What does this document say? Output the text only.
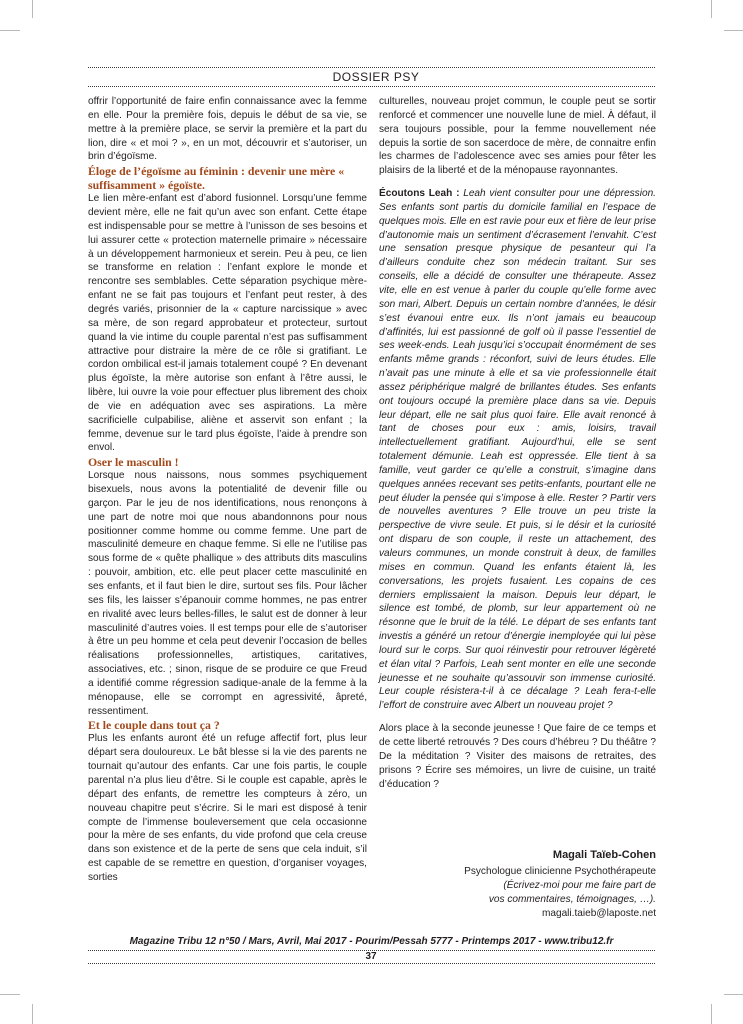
DOSSIER PSY

offrir l’opportunité de faire enfin connaissance avec la femme en elle. Pour la première fois, depuis le début de sa vie, se mettre à la première place, se servir la première et la part du lion, dire « et moi ? », en un mot, découvrir et s’autoriser, un brin d’égoïsme.

Éloge de l’égoïsme au féminin : devenir une mère « suffisamment » égoïste.

Le lien mère-enfant est d’abord fusionnel. Lorsqu’une femme devient mère, elle ne fait qu’un avec son enfant. Cette étape est indispensable pour se mettre à l’unisson de ses besoins et lui assurer cette « protection maternelle primaire » nécessaire à un développement harmonieux et serein. Peu à peu, ce lien se transforme en relation : l’enfant explore le monde et rencontre ses semblables. Cette séparation psychique mère-enfant ne se fait pas toujours et l’enfant peut rester, à des degrés variés, prisonnier de la « capture narcissique » avec sa mère, de son regard approbateur et protecteur, surtout quand la vie intime du couple parental n’est pas suffisamment attractive pour distraire la mère de ce rôle si gratifiant. Le cordon ombilical est-il jamais totalement coupé ? En devenant plus égoïste, la mère autorise son enfant à l’être aussi, le libère, lui ouvre la voie pour effectuer plus librement des choix de vie en adéquation avec ses aspirations. La mère sacrificielle culpabilise, aliène et asservit son enfant ; la femme, devenue sur le tard plus égoïste, l’aide à prendre son envol.

Oser le masculin !

Lorsque nous naissons, nous sommes psychiquement bisexuels, nous avons la potentialité de devenir fille ou garçon. Par le jeu de nos identifications, nous renonçons à une part de notre moi que nous abandonnons pour nous positionner comme homme ou comme femme. Une part de masculinité demeure en chaque femme. Si elle ne l’utilise pas sous forme de « quête phallique » des attributs dits masculins : pouvoir, ambition, etc. elle peut placer cette masculinité en ses enfants, et il faut bien le dire, surtout ses fils. Pour lâcher ses fils, les laisser s’épanouir comme hommes, ne pas entrer en rivalité avec leurs belles-filles, le salut est de donner à leur masculinité d’autres voies. Il est temps pour elle de s’autoriser à être un peu homme et cela peut devenir l’occasion de belles réalisations professionnelles, artistiques, caritatives, associatives, etc. ; sinon, risque de se produire ce que Freud a identifié comme régression sadique-anale de la femme à la ménopause, elle se corrompt en agressivité, âpreté, ressentiment.

Et le couple dans tout ça ?

Plus les enfants auront été un refuge affectif fort, plus leur départ sera douloureux. Le bât blesse si la vie des parents ne tournait qu’autour des enfants. Car une fois partis, le couple parental n’a plus lieu d’être. Si le couple est capable, après le départ des enfants, de remettre les compteurs à zéro, un nouveau chapitre peut s’écrire. Si le mari est disposé à tenir compte de l’immense bouleversement que cela occasionne pour la mère de ses enfants, du vide profond que cela creuse dans son existence et de la perte de sens que cela induit, s’il est capable de se remettre en question, d’organiser voyages, sorties

culturelles, nouveau projet commun, le couple peut se sortir renforcé et commencer une nouvelle lune de miel. À défaut, il sera toujours possible, pour la femme nouvellement née depuis la sortie de son sacerdoce de mère, de connaitre enfin les charmes de l’adolescence avec ses amies pour fêter les plaisirs de la liberté et de la ménopause rayonnantes.

Écoutons Leah : Leah vient consulter pour une dépression. Ses enfants sont partis du domicile familial en l’espace de quelques mois. Elle en est ravie pour eux et fière de leur prise d’autonomie mais un sentiment d’écrasement l’envahit. C’est une sensation presque physique de pesanteur qui l’a d’ailleurs conduite chez son médecin traitant. Sur ses conseils, elle a décidé de consulter une thérapeute. Assez vite, elle en est venue à parler du couple qu’elle forme avec son mari, Albert. Depuis un certain nombre d’années, le désir s’est évanoui entre eux. Ils n’ont jamais eu beaucoup d’affinités, lui est passionné de golf où il passe l’essentiel de ses week-ends. Leah jusqu’ici s’occupait énormément de ses enfants même grands : réconfort, suivi de leurs études. Elle n’avait pas une minute à elle et sa vie professionnelle était assez périphérique malgré de brillantes études. Ses enfants ont toujours occupé la première place dans sa vie. Depuis leur départ, elle ne sait plus quoi faire. Elle avait renoncé à tant de choses pour eux : amis, loisirs, travail intellectuellement gratifiant. Aujourd’hui, elle se sent totalement démunie. Leah est oppressée. Elle tient à sa famille, veut garder ce qu’elle a construit, s’imagine dans quelques années recevant ses petits-enfants, pourtant elle ne peut éluder la pensée qui s’impose à elle. Rester ? Partir vers de nouvelles aventures ? Elle trouve un peu triste la perspective de vivre seule. Et puis, si le désir et la curiosité ont disparu de son couple, il reste un attachement, des valeurs communes, un monde construit à deux, de familles mises en commun. Quand les enfants étaient là, les conversations, les projets fusaient. Les copains de ces derniers emplissaient la maison. Depuis leur départ, le silence est tombé, de plomb, sur leur appartement où ne résonne que le bruit de la télé. Le départ de ses enfants tant investis a généré un retour d’énergie inemployée qui lui pèse lourd sur le corps. Sur quoi réinvestir pour retrouver légèreté et élan vital ? Parfois, Leah sent monter en elle une seconde jeunesse et ne souhaite qu’assouvir son immense curiosité. Leur couple résistera-t-il à ce décalage ? Leah fera-t-elle l’effort de construire avec Albert un nouveau projet ?

Alors place à la seconde jeunesse ! Que faire de ce temps et de cette liberté retrouvés ? Des cours d’hébreu ? Du théâtre ? De la méditation ? Visiter des maisons de retraites, des prisons ? Écrire ses mémoires, un livre de cuisine, un traité d’éducation ?

Magali Taïeb-Cohen
Psychologue clinicienne Psychothérapeute
(Écrivez-moi pour me faire part de
vos commentaires, témoignages, …).
magali.taieb@laposte.net
Magazine Tribu 12 n°50 / Mars, Avril, Mai 2017 - Pourim/Pessah 5777 - Printemps 2017 - www.tribu12.fr
37
